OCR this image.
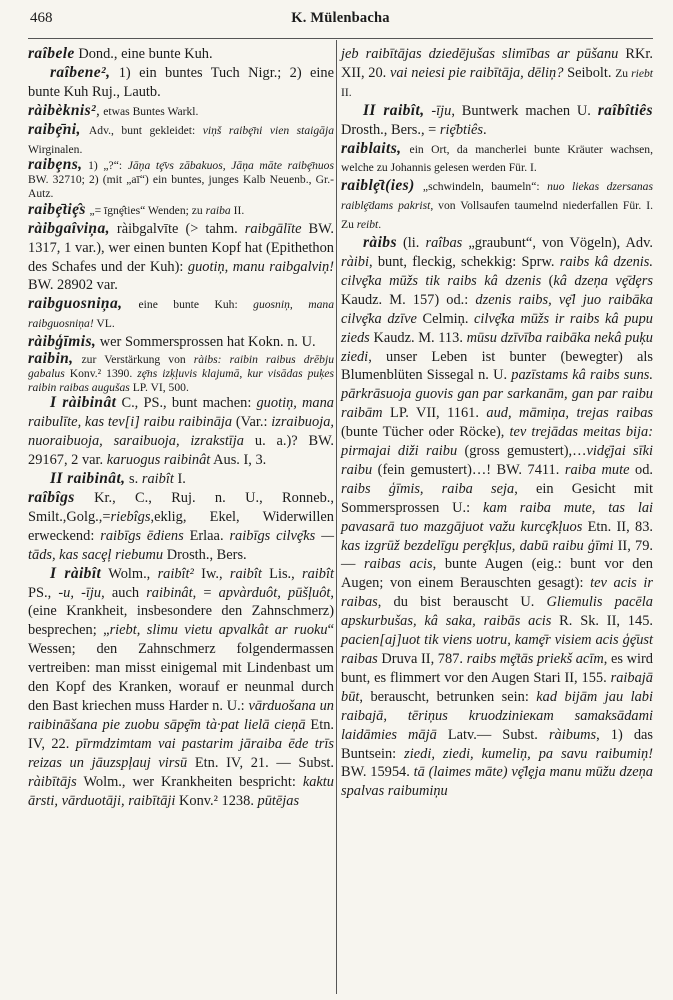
468	K. Mülenbacha

raîbele Dond., eine bunte Kuh.

raîbene², 1) ein buntes Tuch Nigr.; 2) eine bunte Kuh Ruj., Lautb.

ràibèknis², etwas Buntes Warkl.

raibȩ̄ni, Adv., bunt gekleidet: viņš raibȩ̄ni vien staigāja Wirginalen.

raibȩns, 1) „?“: Jāņa tȩ̄vs zābakuos, Jāņa māte raibȩ̄nuos BW. 32710; 2) (mit „aī“) ein buntes, junges Kalb Neuenb., Gr.-Autz.

raibȩ̄tiȩ̂s „= īgnȩ̂ties“ Wenden; zu raiba II.

ràibgaîviņa, ràibgalvīte (> tahm. raibgālīte BW. 1317, 1 var.), wer einen bunten Kopf hat (Epithethon des Schafes und der Kuh): guotiņ, manu raibgalviņ! BW. 28902 var.

raibguosniņa, eine bunte Kuh: guosniņ, mana raibguosniņa! VL.

ràibģīmis, wer Sommersprossen hat Kokn. n. U.

raibin, zur Verstärkung von ràibs: raibin raibus drēbju gabalus Konv.² 1390. zȩ̄ns izķļuvis klajumā, kur visādas puķes raibin raibas augušas LP. VI, 500.

I ràibinât C., PS., bunt machen: guotiņ, mana raibulīte, kas tev[i] raibu raibināja (Var.: izraibuoja, nuoraibuoja, saraibuoja, izrakstīja u. a.)? BW. 29167, 2 var. karuogus raibinât Aus. I, 3.

II raibinât, s. raibît I.

raîbîgs Kr., C., Ruj. n. U., Ronneb., Smilt.,Golg.,=riebîgs,eklig, Ekel, Widerwillen erweckend: raibīgs ēdiens Erlaa. raibīgs cilvȩ̄ks — tāds, kas sacȩļ riebumu Drosth., Bers.

I ràibît Wolm., raibît² Iw., raibît Lis., raibît PS., -u, -īju, auch raibinât, = apvàrduôt, pūšļuôt, (eine Krankheit, insbesondere den Zahnschmerz) besprechen; „riebt, slimu vietu apvalkât ar ruoku“ Wessen; den Zahnschmerz folgendermassen vertreiben: man misst einigemal mit Lindenbast um den Kopf des Kranken, worauf er neunmal durch den Bast kriechen muss Harder n. U.: vārduošana un raibināšana pie zuobu sāpȩ̄m tà·pat lielā cieņā Etn. IV, 22. pīrmdzimtam vai pastarim jāraiba ēde trīs reizas un jāuzspļauj virsū Etn. IV, 21. — Subst. ràibītājs Wolm., wer Krankheiten bespricht: kaktu ārsti, vārduotāji, raibītāji Konv.² 1238. pūtējas

jeb raibītājas dziedējušas slimības ar pūšanu RKr. XII, 20. vai neiesi pie raibītāja, dēliņ? Seibolt. Zu riebt II.

II raibît, -īju, Buntwerk machen U. raîbîtiês Drosth., Bers., = riȩ̄btiês.

raiblaits, ein Ort, da mancherlei bunte Kräuter wachsen, welche zu Johannis gelesen werden Für. I.

raiblȩ̄t(ies) „schwindeln, baumeln“: nuo liekas dzersanas raiblȩ̄dams pakrist, von Vollsaufen taumelnd niederfallen Für. I. Zu reibt.

ràibs (li. raîbas „graubunt“, von Vögeln), Adv. ràibi, bunt, fleckig, schekkig: Sprw. raibs kâ dzenis. cilvȩ̄ka mūžs tik raibs kâ dzenis (kâ dzeņa vȩ̄dȩrs Kaudz. M. 157) od.: dzenis raibs, vȩ̄l juo raibāka cilvȩ̄ka dzīve Celmiņ. cilvȩ̄ka mūžs ir raibs kâ pupu zieds Kaudz. M. 113. mūsu dzīvība raibāka nekâ puķu ziedi, unser Leben ist bunter (bewegter) als Blumenblüten Sissegal n. U. pazīstams kâ raibs suns. pārkrāsuoja guovis gan par sarkanām, gan par raibu raibām LP. VII, 1161. aud, māmiņa, trejas raibas (bunte Tücher oder Röcke), tev trejādas meitas bija: pirmajai diži raibu (gross gemustert),…vidȩ̄jai sīki raibu (fein gemustert)…! BW. 7411. raiba mute od. raibs ģīmis, raiba seja, ein Gesicht mit Sommersprossen U.: kam raiba mute, tas lai pavasarā tuo mazgājuot važu kurcȩ̄kļuos Etn. II, 83. kas izgrūž bezdelīgu perȩ̄kļus, dabū raibu ģīmi II, 79. — raibas acis, bunte Augen (eig.: bunt vor den Augen; von einem Berauschten gesagt): tev acis ir raibas, du bist berauscht U. Gliemulis pacēla apskurbušas, kâ saka, raibās acis R. Sk. II, 145. pacien[aj]uot tik viens uotru, kamȩ̄r visiem acis ģȩ̄ust raibas Druva II, 787. raibs mȩ̄tās priekš acīm, es wird bunt, es flimmert vor den Augen Stari II, 155. raibajā būt, berauscht, betrunken sein: kad bijām jau labi raibajā, tēriņus kruodzinieкam samaksādami laidāmies mājā Latv.— Subst. ràibums, 1) das Buntsein: ziedi, ziedi, kumeliņ, pa savu raibumiņ! BW. 15954. tā (laimes māte) vȩ̄lȩja manu mūžu dzeņa spalvas raibumiņu
